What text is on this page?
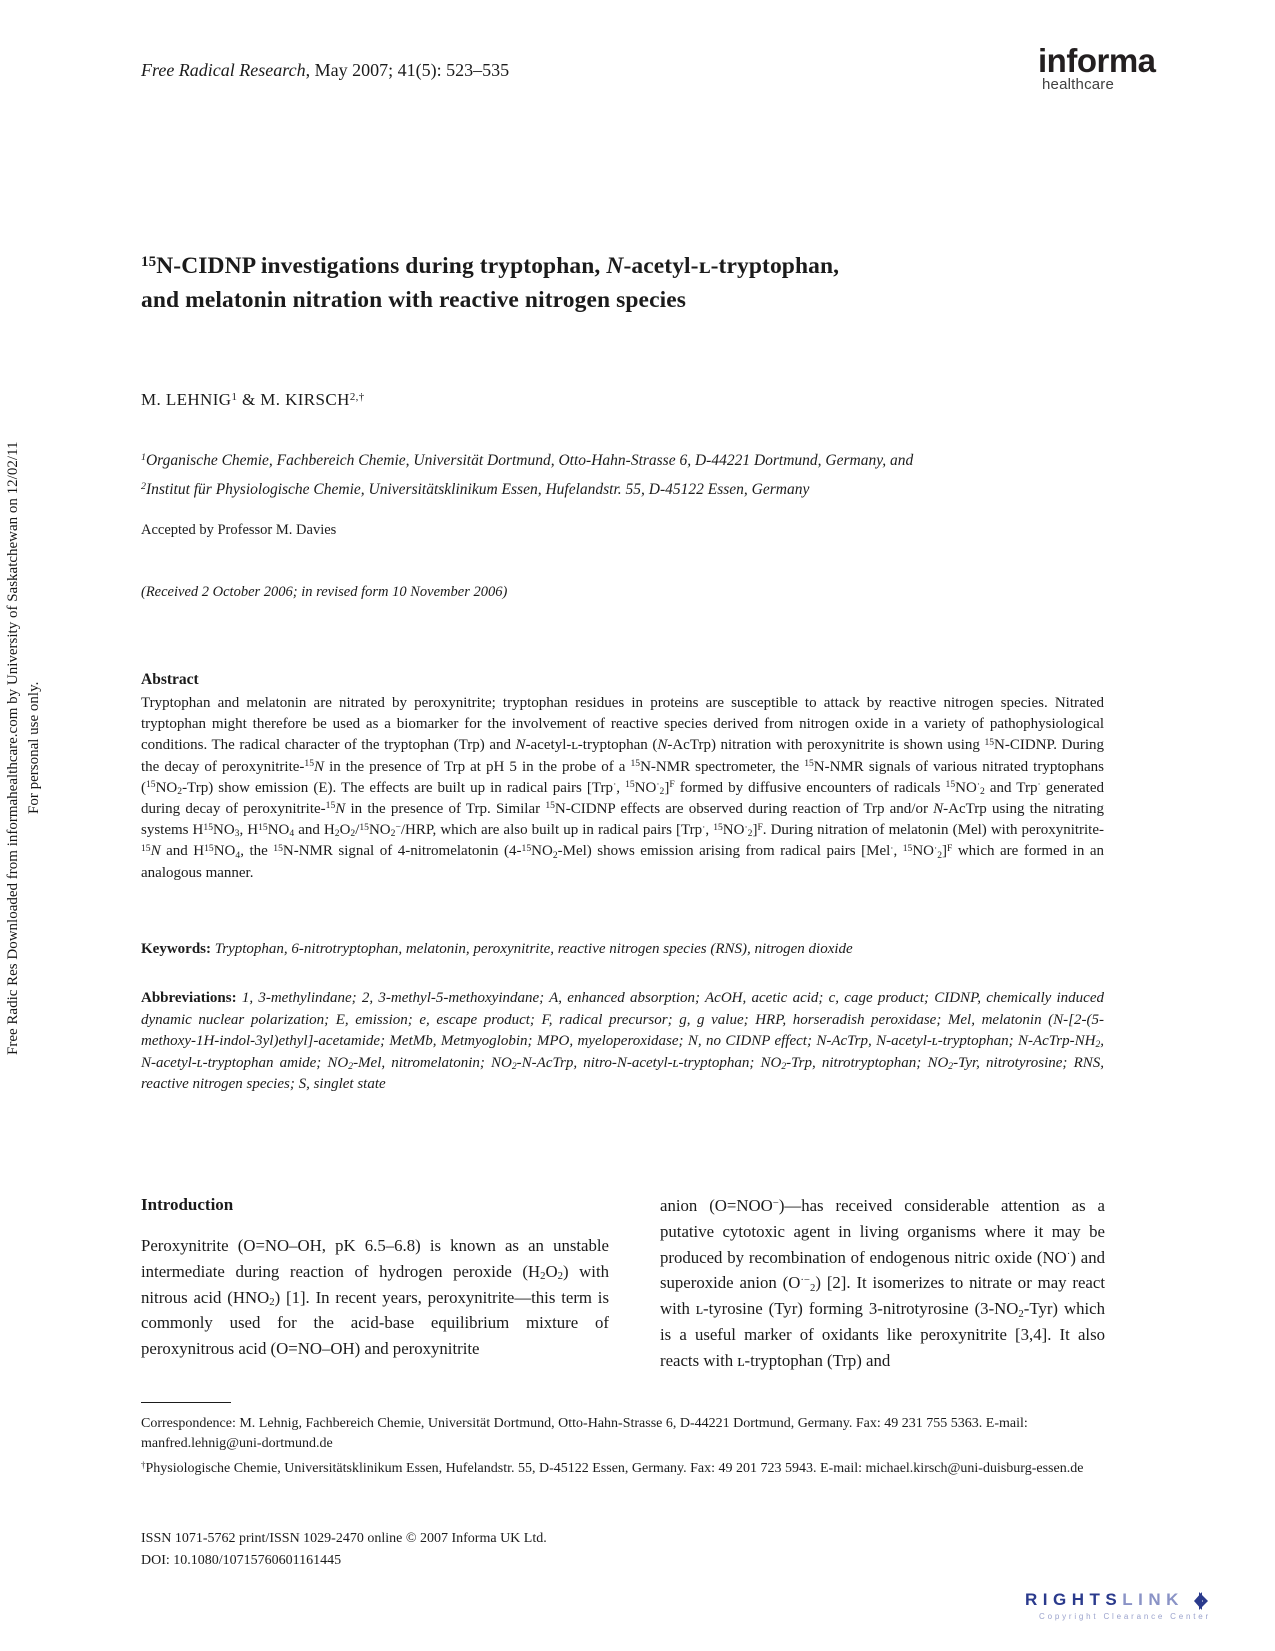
Free Radic Res Downloaded from informahealthcare.com by University of Saskatchewan on 12/02/11 For personal use only.
Free Radical Research, May 2007; 41(5): 523–535	informa
healthcare
$^{15}$N-CIDNP investigations during tryptophan, N-acetyl-ʟ-tryptophan,
and melatonin nitration with reactive nitrogen species
M. LEHNIG$^1$ & M. $KIRSCH^{2,\dagger}$
$^1$Organische Chemie, Fachbereich Chemie, Universität Dortmund, Otto-Hahn-Strasse 6, D-44221 Dortmund, Germany, and
$^2$Institut für Physiologische Chemie, Universitätsklinikum Essen, Hufelandstr. 55, D-45122 Essen, Germany
Accepted by Professor M. Davies
(Received 2 October 2006; in revised form 10 November 2006)
Abstract
Tryptophan and melatonin are nitrated by peroxynitrite; tryptophan residues in proteins are susceptible to attack by reactive nitrogen species. Nitrated tryptophan might therefore be used as a biomarker for the involvement of reactive species derived from nitrogen oxide in a variety of pathophysiological conditions. The radical character of the tryptophan (Trp) and N-acetyl-ʟ-tryptophan (N-AcTrp) nitration with peroxynitrite is shown using $^{15}$N-CIDNP. During the decay of peroxynitrite-$^{15}$N in the presence of Trp at pH 5 in the probe of a $^{15}$N-NMR spectrometer, the $^{15}$N-NMR signals of various nitrated tryptophans $(^{15}NO_2-Trp)$ show emission (E). The effects are built up in radical pairs [Trp·, $^{15}NO^\cdot_2]^F$ formed by diffusive encounters of radicals $^{15}NO^\cdot_2$ and Trp· generated during decay of peroxynitrite-$^{15}$N in the presence of Trp. Similar $^{15}$N-CIDNP effects are observed during reaction of Trp and/or N-AcTrp using the nitrating systems $H^{15}NO_3$, $H^{15}NO_4$ and $H_2O_2/^{15}NO_2^-$/HRP, which are also built up in radical pairs [Trp·, $^{15}NO^\cdot_2]^F$. During nitration of melatonin (Mel) with peroxynitrite-$^{15}$N and $H^{15}NO_4$, the $^{15}$N-NMR signal of 4-nitromelatonin $(4-^{15}NO_2-Mel)$ shows emission arising from radical pairs [Mel·, $^{15}NO^\cdot_2]^F$ which are formed in an analogous manner.
Keywords: Tryptophan, 6-nitrotryptophan, melatonin, peroxynitrite, reactive nitrogen species (RNS), nitrogen dioxide
Abbreviations: 1, 3-methylindane; 2, 3-methyl-5-methoxyindane; A, enhanced absorption; AcOH, acetic acid; c, cage product; CIDNP, chemically induced dynamic nuclear polarization; E, emission; e, escape product; F, radical precursor; g, g value; HRP, horseradish peroxidase; Mel, melatonin (N-[2-(5-methoxy-1H-indol-3yl)ethyl]-acetamide; MetMb, Metmyoglobin; MPO, myeloperoxidase; N, no CIDNP effect; N-AcTrp, N-acetyl-ʟ-tryptophan; $N-AcTrp-NH_2$, N-acetyl-ʟ-tryptophan amide; $NO_2$-Mel, nitromelatonin; $NO_2-N$-AcTrp, nitro-N-acetyl-ʟ-tryptophan; $NO_2$-Trp, nitrotryptophan; $NO_2$-Tyr, nitrotyrosine; RNS, reactive nitrogen species; S, singlet state
Introduction

Peroxynitrite (O=NO–OH, pK 6.5–6.8) is known as an unstable intermediate during reaction of hydrogen peroxide $(H_2O_2)$ with nitrous acid $(HNO_2)$ [1]. In recent years, peroxynitrite—this term is commonly used for the acid-base equilibrium mixture of peroxynitrous acid (O=NO–OH) and peroxynitrite

anion (O=NOO−)—has received considerable attention as a putative cytotoxic agent in living organisms where it may be produced by recombination of endogenous nitric oxide (NO·) and superoxide anion $(O^{\cdot-}_2)$ [2]. It isomerizes to nitrate or may react with ʟ-tyrosine (Tyr) forming 3-nitrotyrosine $(3-NO_2-Tyr)$ which is a useful marker of oxidants like peroxynitrite [3,4]. It also reacts with ʟ-tryptophan (Trp) and

Correspondence: M. Lehnig, Fachbereich Chemie, Universität Dortmund, Otto-Hahn-Strasse 6, D-44221 Dortmund, Germany. Fax: 49 231 755 5363. E-mail: manfred.lehnig@uni-dortmund.de
†Physiologische Chemie, Universitätsklinikum Essen, Hufelandstr. 55, D-45122 Essen, Germany. Fax: 49 201 723 5943. E-mail: michael.kirsch@uni-duisburg-essen.de
ISSN 1071-5762 print/ISSN 1029-2470 online © 2007 Informa UK Ltd.
DOI: 10.1080/10715760601161445
RIGHTS LINK
Copyright Clearance Center
